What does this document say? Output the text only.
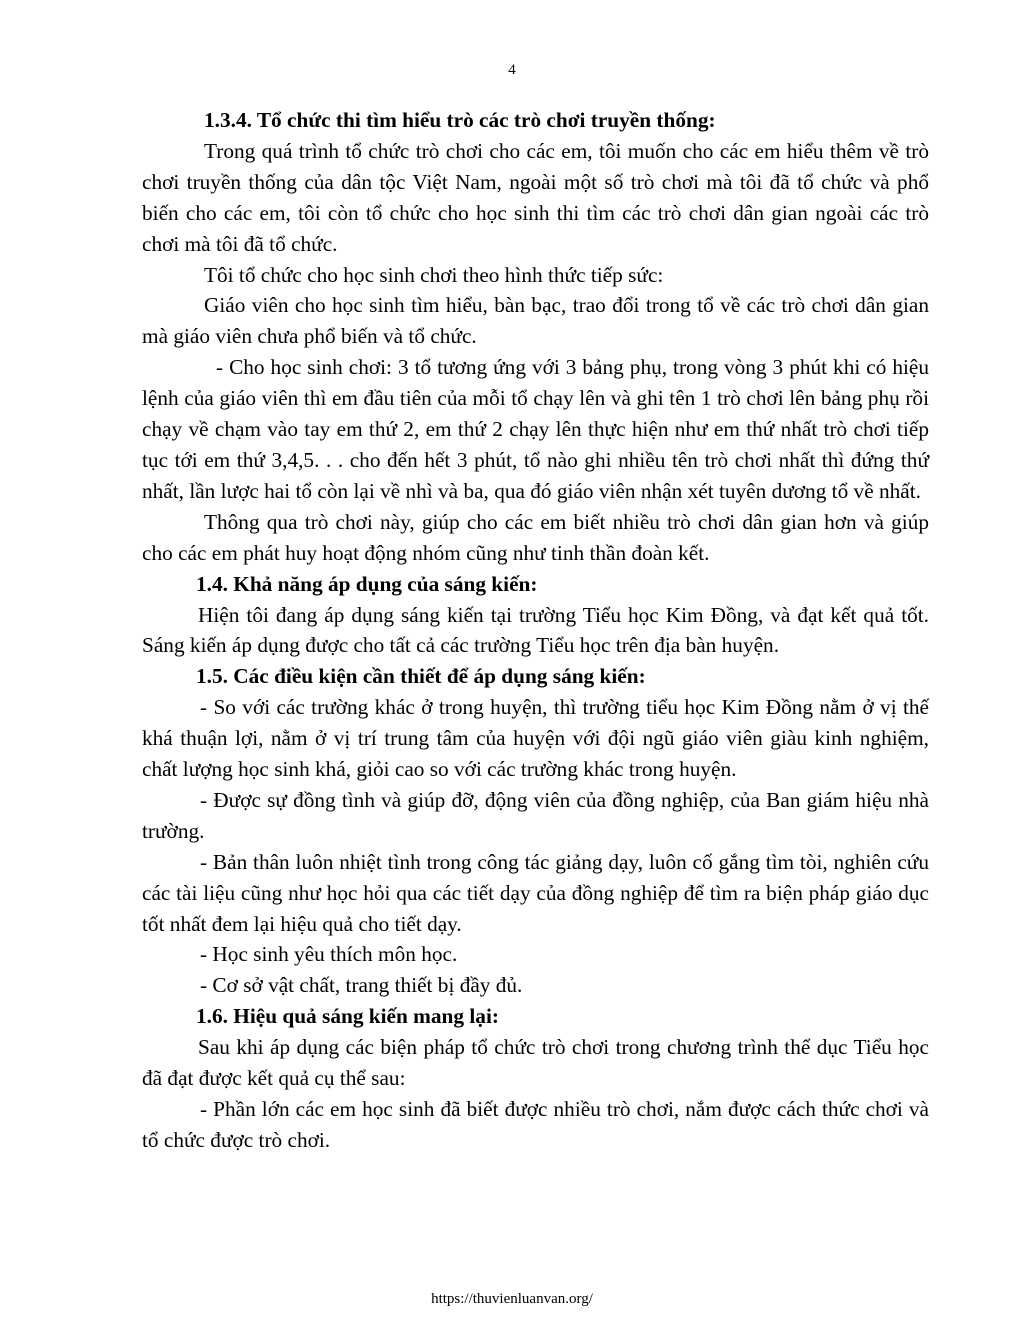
4

1.3.4. Tổ chức thi tìm hiểu trò các trò chơi truyền thống:

Trong quá trình tổ chức trò chơi cho các em, tôi muốn cho các em hiểu thêm về trò chơi truyền thống của dân tộc Việt Nam, ngoài một số trò chơi mà tôi đã tổ chức và phổ biến cho các em, tôi còn tổ chức cho học sinh thi tìm các trò chơi dân gian ngoài các trò chơi mà tôi đã tổ chức.

Tôi tổ chức cho học sinh chơi theo hình thức tiếp sức:

Giáo viên cho học sinh tìm hiểu, bàn bạc, trao đổi trong tổ về các trò chơi dân gian mà giáo viên chưa phổ biến và tổ chức.

- Cho học sinh chơi: 3 tổ tương ứng với 3 bảng phụ, trong vòng 3 phút khi có hiệu lệnh của giáo viên thì em đầu tiên của mỗi tổ chạy lên và ghi tên 1 trò chơi lên bảng phụ rồi chạy về chạm vào tay em thứ 2, em thứ 2 chạy lên thực hiện như em thứ nhất trò chơi tiếp tục tới em thứ 3,4,5. . . cho đến hết 3 phút, tổ nào ghi nhiều tên trò chơi nhất thì đứng thứ nhất, lần lược hai tổ còn lại về nhì và ba, qua đó giáo viên nhận xét tuyên dương tổ về nhất.

Thông qua trò chơi này, giúp cho các em biết nhiều trò chơi dân gian hơn và giúp cho các em phát huy hoạt động nhóm cũng như tinh thần đoàn kết.

1.4. Khả năng áp dụng của sáng kiến:

Hiện tôi đang áp dụng sáng kiến tại trường Tiểu học Kim Đồng, và đạt kết quả tốt. Sáng kiến áp dụng được cho tất cả các trường Tiểu học trên địa bàn huyện.

1.5. Các điều kiện cần thiết để áp dụng sáng kiến:

- So với các trường khác ở trong huyện, thì trường tiểu học Kim Đồng nằm ở vị thế khá thuận lợi, nằm ở vị trí trung tâm của huyện với đội ngũ giáo viên giàu kinh nghiệm, chất lượng học sinh khá, giỏi cao so với các trường khác trong huyện.

- Được sự đồng tình và giúp đỡ, động viên của đồng nghiệp, của Ban giám hiệu nhà trường.

- Bản thân luôn nhiệt tình trong công tác giảng dạy, luôn cố gắng tìm tòi, nghiên cứu các tài liệu cũng như học hỏi qua các tiết dạy của đồng nghiệp để tìm ra biện pháp giáo dục tốt nhất đem lại hiệu quả cho tiết dạy.

- Học sinh yêu thích môn học.

- Cơ sở vật chất, trang thiết bị đầy đủ.

1.6. Hiệu quả sáng kiến mang lại:

Sau khi áp dụng các biện pháp tổ chức trò chơi trong chương trình thể dục Tiểu học đã đạt được kết quả cụ thể sau:

- Phần lớn các em học sinh đã biết được nhiều trò chơi, nắm được cách thức chơi và tổ chức được trò chơi.

https://thuvienluanvan.org/
